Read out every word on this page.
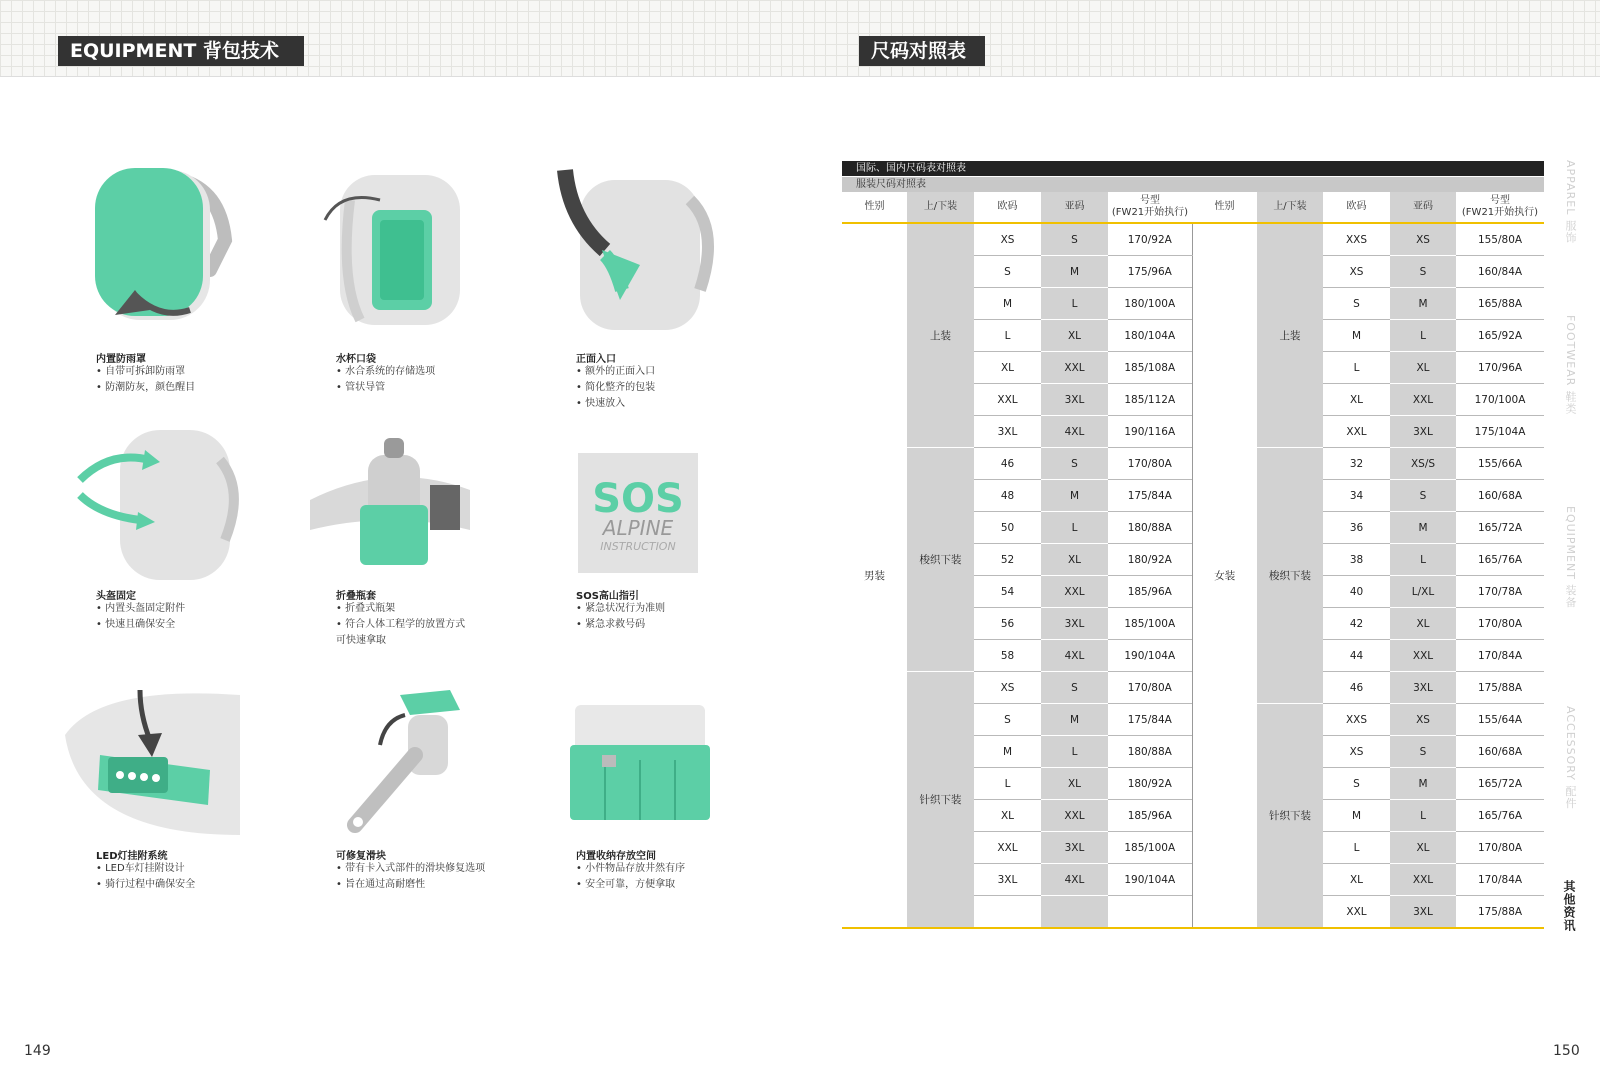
EQUIPMENT 背包技术	尺码对照表
内置防雨罩
• 自带可拆卸防雨罩
• 防潮防灰，颜色醒目
水杯口袋
• 水合系统的存储选项
• 管状导管
正面入口
• 额外的正面入口
• 简化整齐的包装
• 快速放入
头盔固定
• 内置头盔固定附件
• 快速且确保安全
折叠瓶套
• 折叠式瓶架
• 符合人体工程学的放置方式
可快速拿取
SOS
ALPINE
INSTRUCTION
SOS高山指引
• 紧急状况行为准则
• 紧急求救号码
LED灯挂附系统
• LED车灯挂附设计
• 骑行过程中确保安全
可修复滑块
• 带有卡入式部件的滑块修复选项
• 旨在通过高耐磨性
内置收纳存放空间
• 小件物品存放井然有序
• 安全可靠，方便拿取
国际、国内尺码表对照表
服装尺码对照表
性别	上/下装	欧码	亚码	号型
(FW21开始执行)	性别	上/下装	欧码	亚码	号型
(FW21开始执行)
男装	上装	XS	S	170/92A	女装	上装	XXS	XS	155/80A
		S	M	175/96A			XS	S	160/84A
		M	L	180/100A			S	M	165/88A
		L	XL	180/104A			M	L	165/92A
		XL	XXL	185/108A			L	XL	170/96A
		XXL	3XL	185/112A			XL	XXL	170/100A
		3XL	4XL	190/116A			XXL	3XL	175/104A
	梭织下装	46	S	170/80A		梭织下装	32	XS/S	155/66A
		48	M	175/84A			34	S	160/68A
		50	L	180/88A			36	M	165/72A
		52	XL	180/92A			38	L	165/76A
		54	XXL	185/96A			40	L/XL	170/78A
		56	3XL	185/100A			42	XL	170/80A
		58	4XL	190/104A			44	XXL	170/84A
	针织下装	XS	S	170/80A			46	3XL	175/88A
		S	M	175/84A		针织下装	XXS	XS	155/64A
		M	L	180/88A			XS	S	160/68A
		L	XL	180/92A			S	M	165/72A
		XL	XXL	185/96A			M	L	165/76A
		XXL	3XL	185/100A			L	XL	170/80A
		3XL	4XL	190/104A			XL	XXL	170/84A
							XXL	3XL	175/88A
APPAREL 服饰
FOOTWEAR 鞋类
EQUIPMENT 装备
ACCESSORY 配件
其他资讯
149	150
